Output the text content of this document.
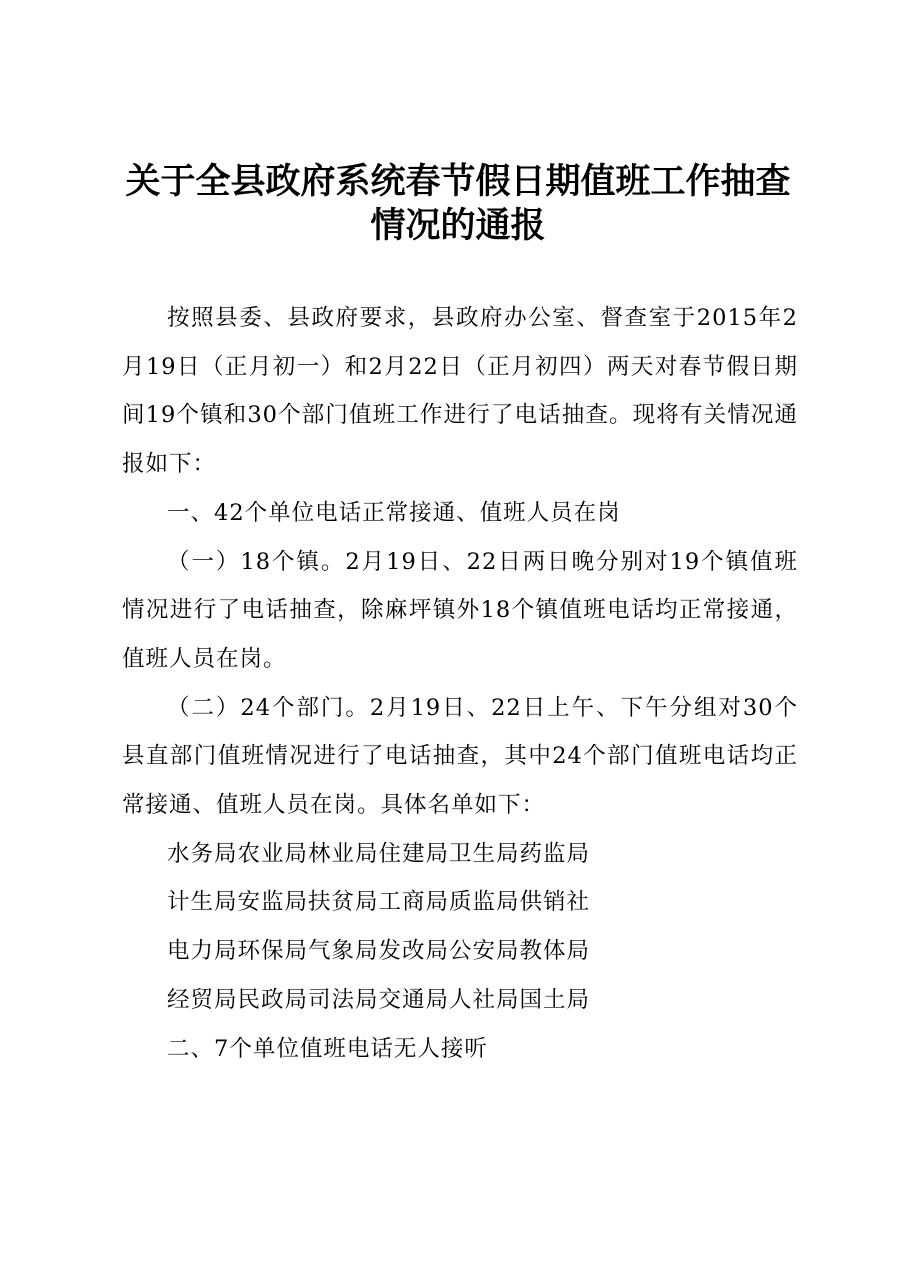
关于全县政府系统春节假日期值班工作抽查情况的通报

按照县委、县政府要求，县政府办公室、督查室于2015年2月19日（正月初一）和2月22日（正月初四）两天对春节假日期间19个镇和30个部门值班工作进行了电话抽查。现将有关情况通报如下：

一、42个单位电话正常接通、值班人员在岗

（一）18个镇。2月19日、22日两日晚分别对19个镇值班情况进行了电话抽查，除麻坪镇外18个镇值班电话均正常接通，值班人员在岗。

（二）24个部门。2月19日、22日上午、下午分组对30个县直部门值班情况进行了电话抽查，其中24个部门值班电话均正常接通、值班人员在岗。具体名单如下：

水务局农业局林业局住建局卫生局药监局

计生局安监局扶贫局工商局质监局供销社

电力局环保局气象局发改局公安局教体局

经贸局民政局司法局交通局人社局国土局

二、7个单位值班电话无人接听
